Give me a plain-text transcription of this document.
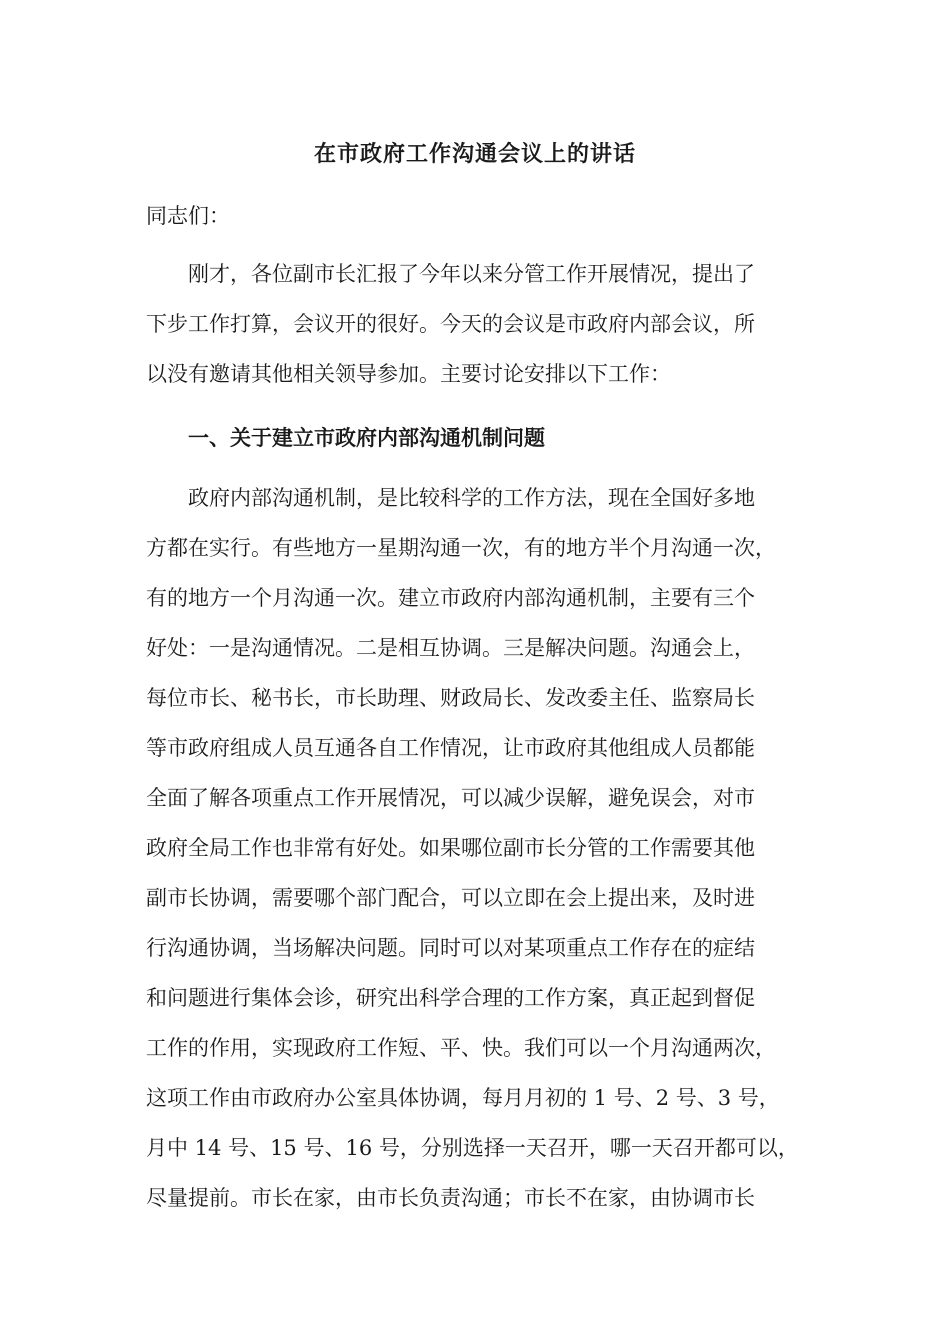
在市政府工作沟通会议上的讲话
同志们：
刚才，各位副市长汇报了今年以来分管工作开展情况，提出了
下步工作打算，会议开的很好。今天的会议是市政府内部会议，所
以没有邀请其他相关领导参加。主要讨论安排以下工作：
一、关于建立市政府内部沟通机制问题
政府内部沟通机制，是比较科学的工作方法，现在全国好多地
方都在实行。有些地方一星期沟通一次，有的地方半个月沟通一次，
有的地方一个月沟通一次。建立市政府内部沟通机制，主要有三个
好处：一是沟通情况。二是相互协调。三是解决问题。沟通会上，
每位市长、秘书长，市长助理、财政局长、发改委主任、监察局长
等市政府组成人员互通各自工作情况，让市政府其他组成人员都能
全面了解各项重点工作开展情况，可以减少误解，避免误会，对市
政府全局工作也非常有好处。如果哪位副市长分管的工作需要其他
副市长协调，需要哪个部门配合，可以立即在会上提出来，及时进
行沟通协调，当场解决问题。同时可以对某项重点工作存在的症结
和问题进行集体会诊，研究出科学合理的工作方案，真正起到督促
工作的作用，实现政府工作短、平、快。我们可以一个月沟通两次，
这项工作由市政府办公室具体协调，每月月初的 1 号、2 号、3 号，
月中 14 号、15 号、16 号，分别选择一天召开，哪一天召开都可以，
尽量提前。市长在家，由市长负责沟通；市长不在家，由协调市长
